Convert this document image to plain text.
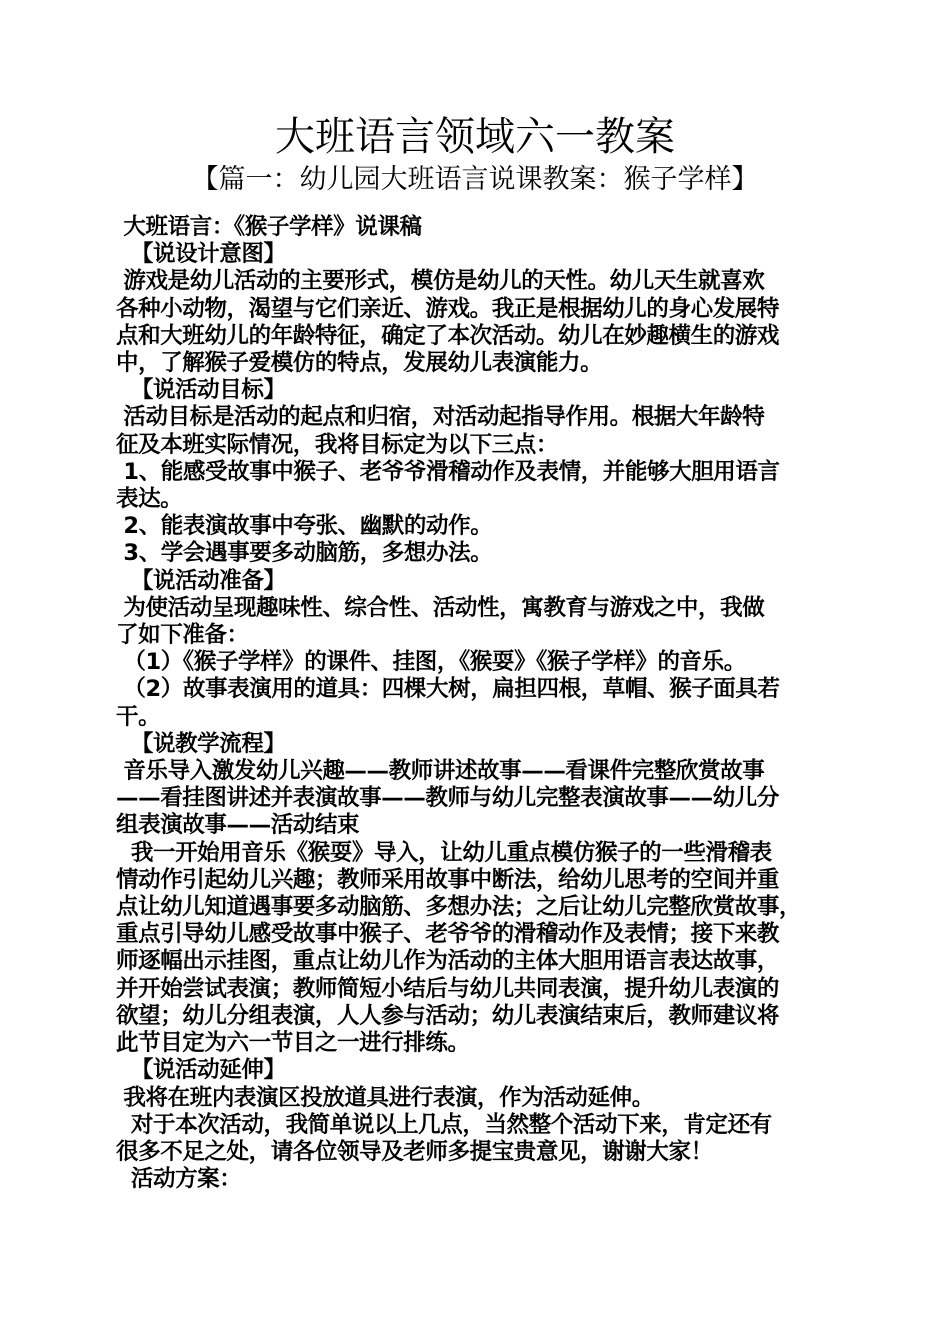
大班语言领域六一教案
【篇一：幼儿园大班语言说课教案：猴子学样】

大班语言：《猴子学样》说课稿

【说设计意图】

游戏是幼儿活动的主要形式，模仿是幼儿的天性。幼儿天生就喜欢

各种小动物，渴望与它们亲近、游戏。我正是根据幼儿的身心发展特

点和大班幼儿的年龄特征，确定了本次活动。幼儿在妙趣横生的游戏

中，了解猴子爱模仿的特点，发展幼儿表演能力。

【说活动目标】

活动目标是活动的起点和归宿，对活动起指导作用。根据大年龄特

征及本班实际情况，我将目标定为以下三点：

1、能感受故事中猴子、老爷爷滑稽动作及表情，并能够大胆用语言

表达。

2、能表演故事中夸张、幽默的动作。

3、学会遇事要多动脑筋，多想办法。

【说活动准备】

为使活动呈现趣味性、综合性、活动性，寓教育与游戏之中，我做

了如下准备：

（1）《猴子学样》的课件、挂图，《猴耍》《猴子学样》的音乐。

（2）故事表演用的道具：四棵大树，扁担四根，草帽、猴子面具若

干。

【说教学流程】

音乐导入激发幼儿兴趣——教师讲述故事——看课件完整欣赏故事

——看挂图讲述并表演故事——教师与幼儿完整表演故事——幼儿分

组表演故事——活动结束

我一开始用音乐《猴耍》导入，让幼儿重点模仿猴子的一些滑稽表

情动作引起幼儿兴趣；教师采用故事中断法，给幼儿思考的空间并重

点让幼儿知道遇事要多动脑筋、多想办法；之后让幼儿完整欣赏故事，

重点引导幼儿感受故事中猴子、老爷爷的滑稽动作及表情；接下来教

师逐幅出示挂图，重点让幼儿作为活动的主体大胆用语言表达故事，

并开始尝试表演；教师简短小结后与幼儿共同表演，提升幼儿表演的

欲望；幼儿分组表演，人人参与活动；幼儿表演结束后，教师建议将

此节目定为六一节目之一进行排练。

【说活动延伸】

我将在班内表演区投放道具进行表演，作为活动延伸。

对于本次活动，我简单说以上几点，当然整个活动下来，肯定还有

很多不足之处，请各位领导及老师多提宝贵意见，谢谢大家！

活动方案：
